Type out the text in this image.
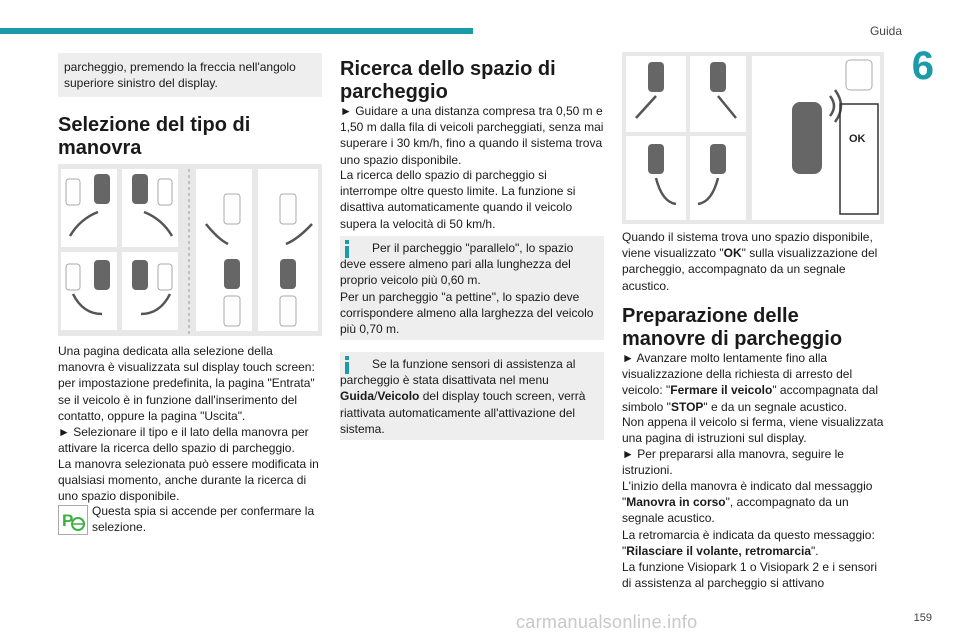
Guida
6
parcheggio, premendo la freccia nell'angolo superiore sinistro del display.
Selezione del tipo di manovra
Una pagina dedicata alla selezione della manovra è visualizzata sul display touch screen: per impostazione predefinita, la pagina "Entrata" se il veicolo è in funzione dall'inserimento del contatto, oppure la pagina "Uscita".
► Selezionare il tipo e il lato della manovra per attivare la ricerca dello spazio di parcheggio.
La manovra selezionata può essere modificata in qualsiasi momento, anche durante la ricerca di uno spazio disponibile.
P Questa spia si accende per confermare la selezione.
Ricerca dello spazio di parcheggio
► Guidare a una distanza compresa tra 0,50 m e 1,50 m dalla fila di veicoli parcheggiati, senza mai superare i 30 km/h, fino a quando il sistema trova uno spazio disponibile.
La ricerca dello spazio di parcheggio si interrompe oltre questo limite. La funzione si disattiva automaticamente quando il veicolo supera la velocità di 50 km/h.
Per il parcheggio "parallelo", lo spazio deve essere almeno pari alla lunghezza del proprio veicolo più 0,60 m.
Per un parcheggio "a pettine", lo spazio deve corrispondere almeno alla larghezza del veicolo più 0,70 m.
Se la funzione sensori di assistenza al parcheggio è stata disattivata nel menu Guida/Veicolo del display touch screen, verrà riattivata automaticamente all'attivazione del sistema.
OK
Quando il sistema trova uno spazio disponibile, viene visualizzato "OK" sulla visualizzazione del parcheggio, accompagnato da un segnale acustico.
Preparazione delle manovre di parcheggio
► Avanzare molto lentamente fino alla visualizzazione della richiesta di arresto del veicolo: "Fermare il veicolo" accompagnata dal simbolo "STOP" e da un segnale acustico.
Non appena il veicolo si ferma, viene visualizzata una pagina di istruzioni sul display.
► Per prepararsi alla manovra, seguire le istruzioni.
L'inizio della manovra è indicato dal messaggio "Manovra in corso", accompagnato da un segnale acustico.
La retromarcia è indicata da questo messaggio: "Rilasciare il volante, retromarcia".
La funzione Visiopark 1 o Visiopark 2 e i sensori di assistenza al parcheggio si attivano
carmanualsonline.info	159
